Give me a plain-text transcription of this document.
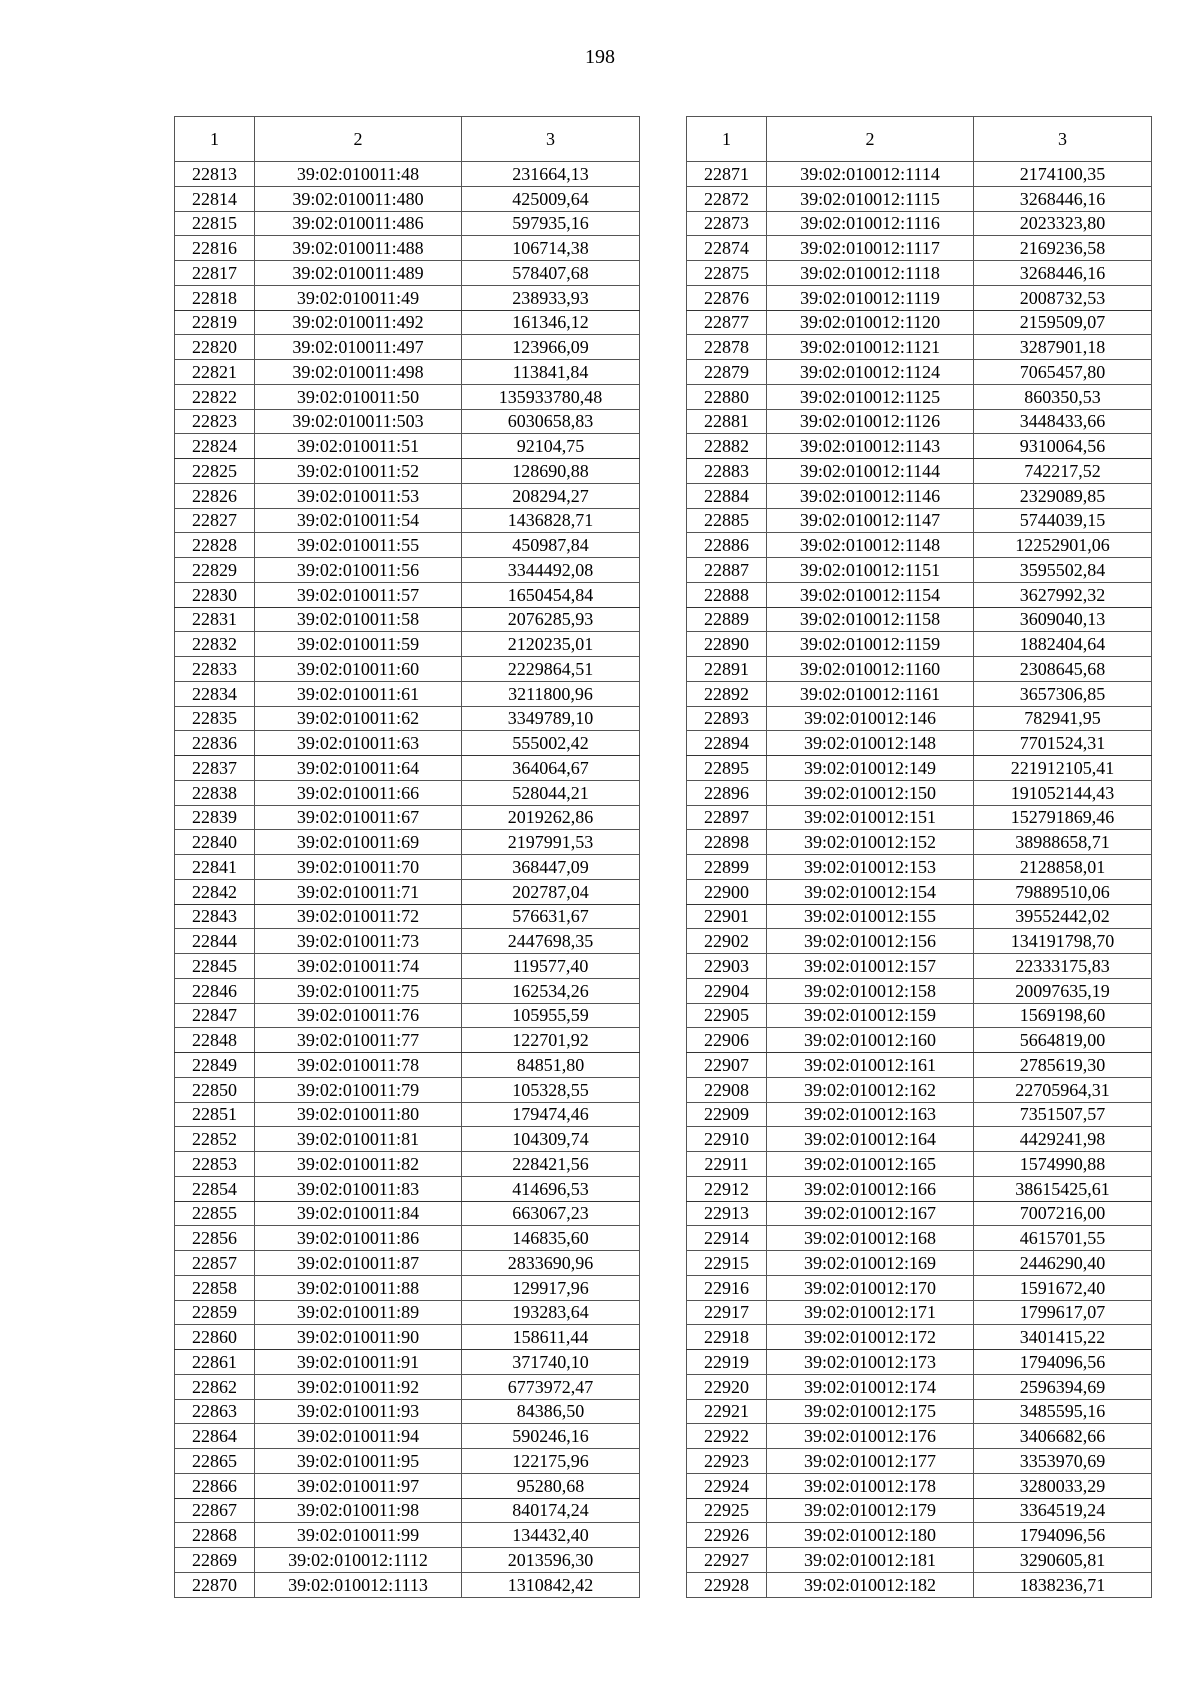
198
1	2	3
22813	39:02:010011:48	231664,13
22814	39:02:010011:480	425009,64
22815	39:02:010011:486	597935,16
22816	39:02:010011:488	106714,38
22817	39:02:010011:489	578407,68
22818	39:02:010011:49	238933,93
22819	39:02:010011:492	161346,12
22820	39:02:010011:497	123966,09
22821	39:02:010011:498	113841,84
22822	39:02:010011:50	135933780,48
22823	39:02:010011:503	6030658,83
22824	39:02:010011:51	92104,75
22825	39:02:010011:52	128690,88
22826	39:02:010011:53	208294,27
22827	39:02:010011:54	1436828,71
22828	39:02:010011:55	450987,84
22829	39:02:010011:56	3344492,08
22830	39:02:010011:57	1650454,84
22831	39:02:010011:58	2076285,93
22832	39:02:010011:59	2120235,01
22833	39:02:010011:60	2229864,51
22834	39:02:010011:61	3211800,96
22835	39:02:010011:62	3349789,10
22836	39:02:010011:63	555002,42
22837	39:02:010011:64	364064,67
22838	39:02:010011:66	528044,21
22839	39:02:010011:67	2019262,86
22840	39:02:010011:69	2197991,53
22841	39:02:010011:70	368447,09
22842	39:02:010011:71	202787,04
22843	39:02:010011:72	576631,67
22844	39:02:010011:73	2447698,35
22845	39:02:010011:74	119577,40
22846	39:02:010011:75	162534,26
22847	39:02:010011:76	105955,59
22848	39:02:010011:77	122701,92
22849	39:02:010011:78	84851,80
22850	39:02:010011:79	105328,55
22851	39:02:010011:80	179474,46
22852	39:02:010011:81	104309,74
22853	39:02:010011:82	228421,56
22854	39:02:010011:83	414696,53
22855	39:02:010011:84	663067,23
22856	39:02:010011:86	146835,60
22857	39:02:010011:87	2833690,96
22858	39:02:010011:88	129917,96
22859	39:02:010011:89	193283,64
22860	39:02:010011:90	158611,44
22861	39:02:010011:91	371740,10
22862	39:02:010011:92	6773972,47
22863	39:02:010011:93	84386,50
22864	39:02:010011:94	590246,16
22865	39:02:010011:95	122175,96
22866	39:02:010011:97	95280,68
22867	39:02:010011:98	840174,24
22868	39:02:010011:99	134432,40
22869	39:02:010012:1112	2013596,30
22870	39:02:010012:1113	1310842,42
1	2	3
22871	39:02:010012:1114	2174100,35
22872	39:02:010012:1115	3268446,16
22873	39:02:010012:1116	2023323,80
22874	39:02:010012:1117	2169236,58
22875	39:02:010012:1118	3268446,16
22876	39:02:010012:1119	2008732,53
22877	39:02:010012:1120	2159509,07
22878	39:02:010012:1121	3287901,18
22879	39:02:010012:1124	7065457,80
22880	39:02:010012:1125	860350,53
22881	39:02:010012:1126	3448433,66
22882	39:02:010012:1143	9310064,56
22883	39:02:010012:1144	742217,52
22884	39:02:010012:1146	2329089,85
22885	39:02:010012:1147	5744039,15
22886	39:02:010012:1148	12252901,06
22887	39:02:010012:1151	3595502,84
22888	39:02:010012:1154	3627992,32
22889	39:02:010012:1158	3609040,13
22890	39:02:010012:1159	1882404,64
22891	39:02:010012:1160	2308645,68
22892	39:02:010012:1161	3657306,85
22893	39:02:010012:146	782941,95
22894	39:02:010012:148	7701524,31
22895	39:02:010012:149	221912105,41
22896	39:02:010012:150	191052144,43
22897	39:02:010012:151	152791869,46
22898	39:02:010012:152	38988658,71
22899	39:02:010012:153	2128858,01
22900	39:02:010012:154	79889510,06
22901	39:02:010012:155	39552442,02
22902	39:02:010012:156	134191798,70
22903	39:02:010012:157	22333175,83
22904	39:02:010012:158	20097635,19
22905	39:02:010012:159	1569198,60
22906	39:02:010012:160	5664819,00
22907	39:02:010012:161	2785619,30
22908	39:02:010012:162	22705964,31
22909	39:02:010012:163	7351507,57
22910	39:02:010012:164	4429241,98
22911	39:02:010012:165	1574990,88
22912	39:02:010012:166	38615425,61
22913	39:02:010012:167	7007216,00
22914	39:02:010012:168	4615701,55
22915	39:02:010012:169	2446290,40
22916	39:02:010012:170	1591672,40
22917	39:02:010012:171	1799617,07
22918	39:02:010012:172	3401415,22
22919	39:02:010012:173	1794096,56
22920	39:02:010012:174	2596394,69
22921	39:02:010012:175	3485595,16
22922	39:02:010012:176	3406682,66
22923	39:02:010012:177	3353970,69
22924	39:02:010012:178	3280033,29
22925	39:02:010012:179	3364519,24
22926	39:02:010012:180	1794096,56
22927	39:02:010012:181	3290605,81
22928	39:02:010012:182	1838236,71
